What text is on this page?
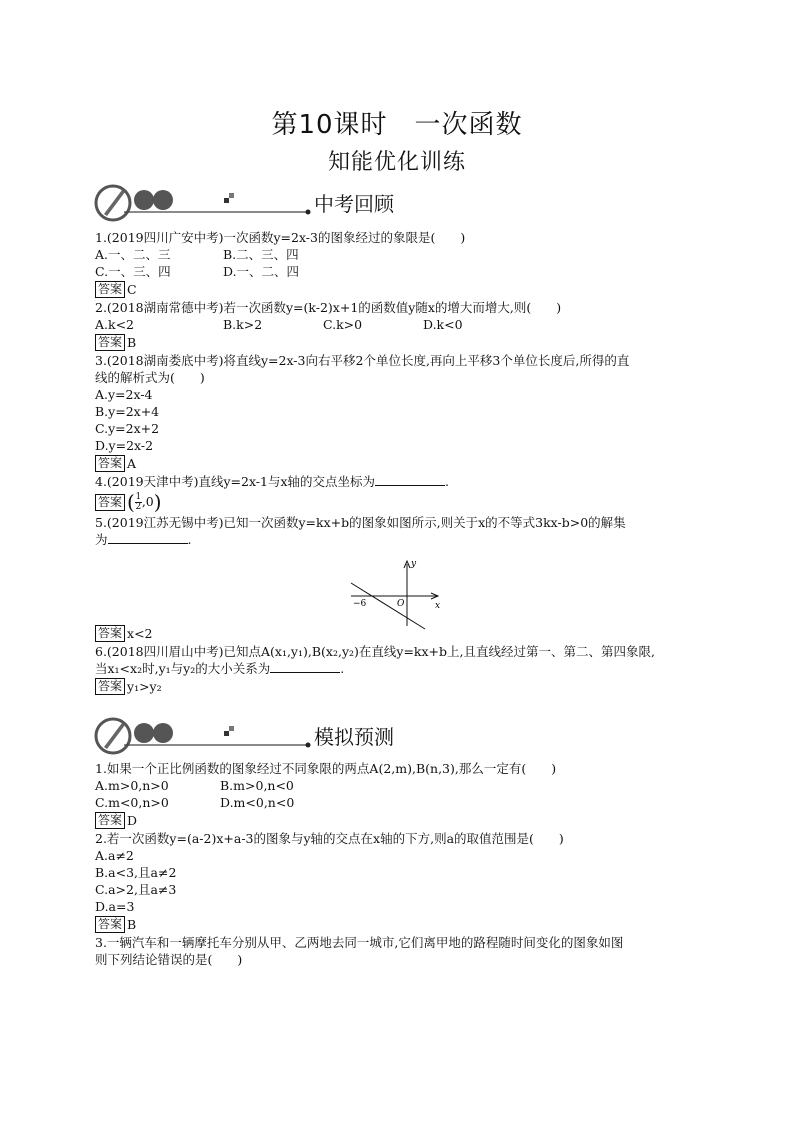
第10课时　一次函数
知能优化训练
中考回顾
1.(2019四川广安中考)一次函数y=2x-3的图象经过的象限是(　　)
A.一、二、三	B.二、三、四
C.一、三、四	D.一、二、四
答案 C
2.(2018湖南常德中考)若一次函数y=(k-2)x+1的函数值y随x的增大而增大,则(　　)
A.k<2	B.k>2	C.k>0	D.k<0
答案 B
3.(2018湖南娄底中考)将直线y=2x-3向右平移2个单位长度,再向上平移3个单位长度后,所得的直
线的解析式为(　　)
A.y=2x-4
B.y=2x+4
C.y=2x+2
D.y=2x-2
答案 A
4.(2019天津中考)直线y=2x-1与x轴的交点坐标为	.
答案 ( $\frac{1}{2} ,0$)
5.(2019江苏无锡中考)已知一次函数y=kx+b的图象如图所示,则关于x的不等式3kx-b>0的解集
为	.
答案 x<2
6.(2018四川眉山中考)已知点A(x₁,y₁),B(x₂,y₂)在直线y=kx+b上,且直线经过第一、第二、第四象限,
当x₁<x₂时,y₁与y₂的大小关系为	.
答案 y₁>y₂
y
x
O
−6
模拟预测
1.如果一个正比例函数的图象经过不同象限的两点A(2,m),B(n,3),那么一定有(　　)
A.m>0,n>0	B.m>0,n<0
C.m<0,n>0	D.m<0,n<0
答案 D
2.若一次函数y=(a-2)x+a-3的图象与y轴的交点在x轴的下方,则a的取值范围是(　　)
A.a≠2
B.a<3,且a≠2
C.a>2,且a≠3
D.a=3
答案 B
3.一辆汽车和一辆摩托车分别从甲、乙两地去同一城市,它们离甲地的路程随时间变化的图象如图
则下列结论错误的是(　　)
